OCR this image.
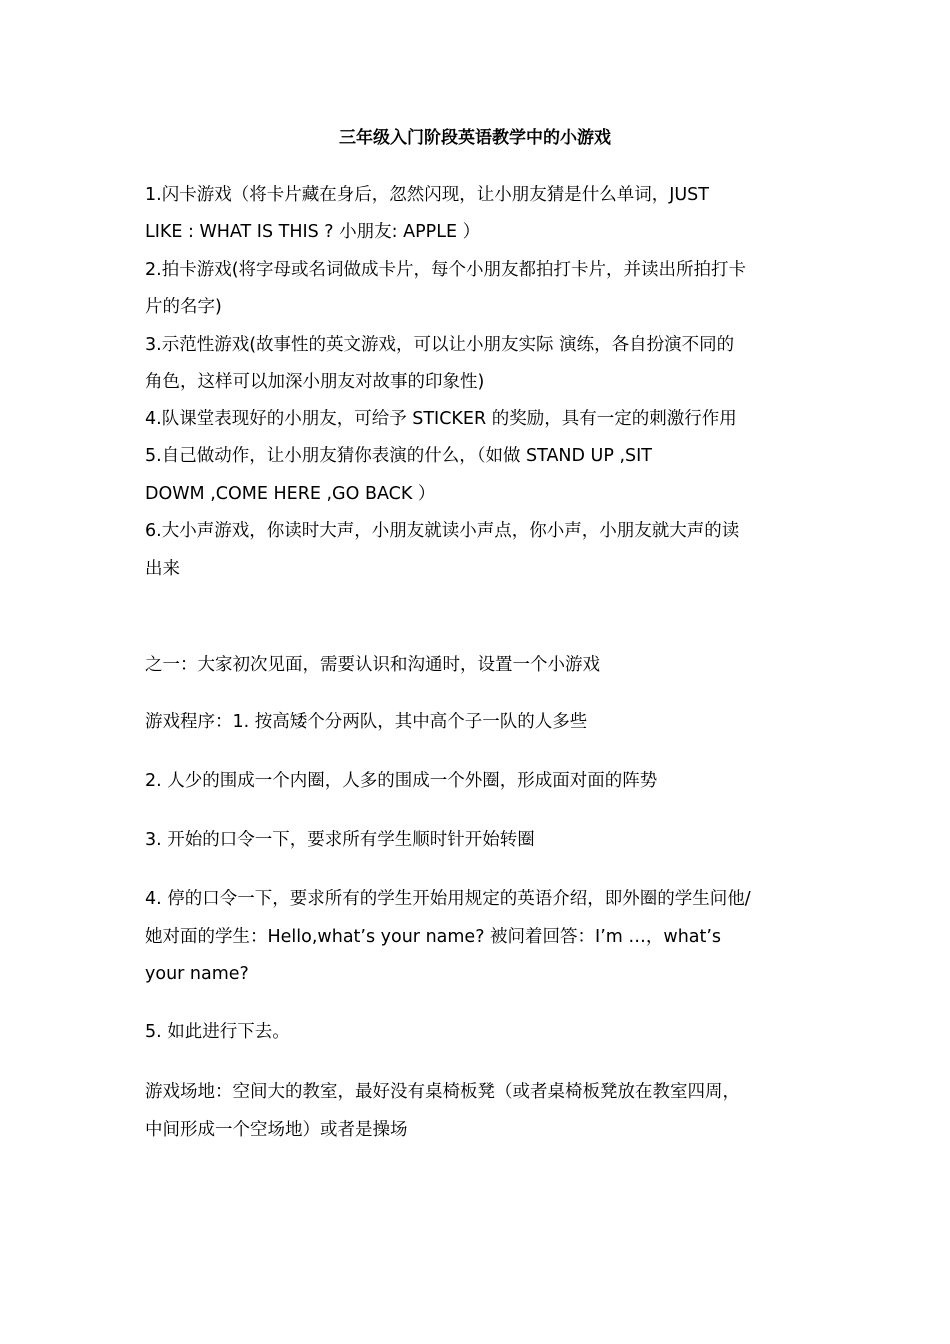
三年级入门阶段英语教学中的小游戏
1.闪卡游戏（将卡片藏在身后，忽然闪现，让小朋友猜是什么单词，JUST
LIKE : WHAT IS THIS ? 小朋友: APPLE ）
2.拍卡游戏(将字母或名词做成卡片，每个小朋友都拍打卡片，并读出所拍打卡
片的名字)
3.示范性游戏(故事性的英文游戏，可以让小朋友实际 演练，各自扮演不同的
角色，这样可以加深小朋友对故事的印象性)
4.队课堂表现好的小朋友，可给予 STICKER 的奖励，具有一定的刺激行作用
5.自己做动作，让小朋友猜你表演的什么，（如做 STAND UP ,SIT
DOWM ,COME HERE ,GO BACK ）
6.大小声游戏，你读时大声，小朋友就读小声点，你小声，小朋友就大声的读
出来
之一：大家初次见面，需要认识和沟通时，设置一个小游戏
游戏程序：1. 按高矮个分两队，其中高个子一队的人多些
2. 人少的围成一个内圈，人多的围成一个外圈，形成面对面的阵势
3. 开始的口令一下，要求所有学生顺时针开始转圈
4. 停的口令一下，要求所有的学生开始用规定的英语介绍，即外圈的学生问他/
她对面的学生：Hello,what’s your name? 被问着回答：I’m …，what’s
your name?
5. 如此进行下去。
游戏场地：空间大的教室，最好没有桌椅板凳（或者桌椅板凳放在教室四周，
中间形成一个空场地）或者是操场
